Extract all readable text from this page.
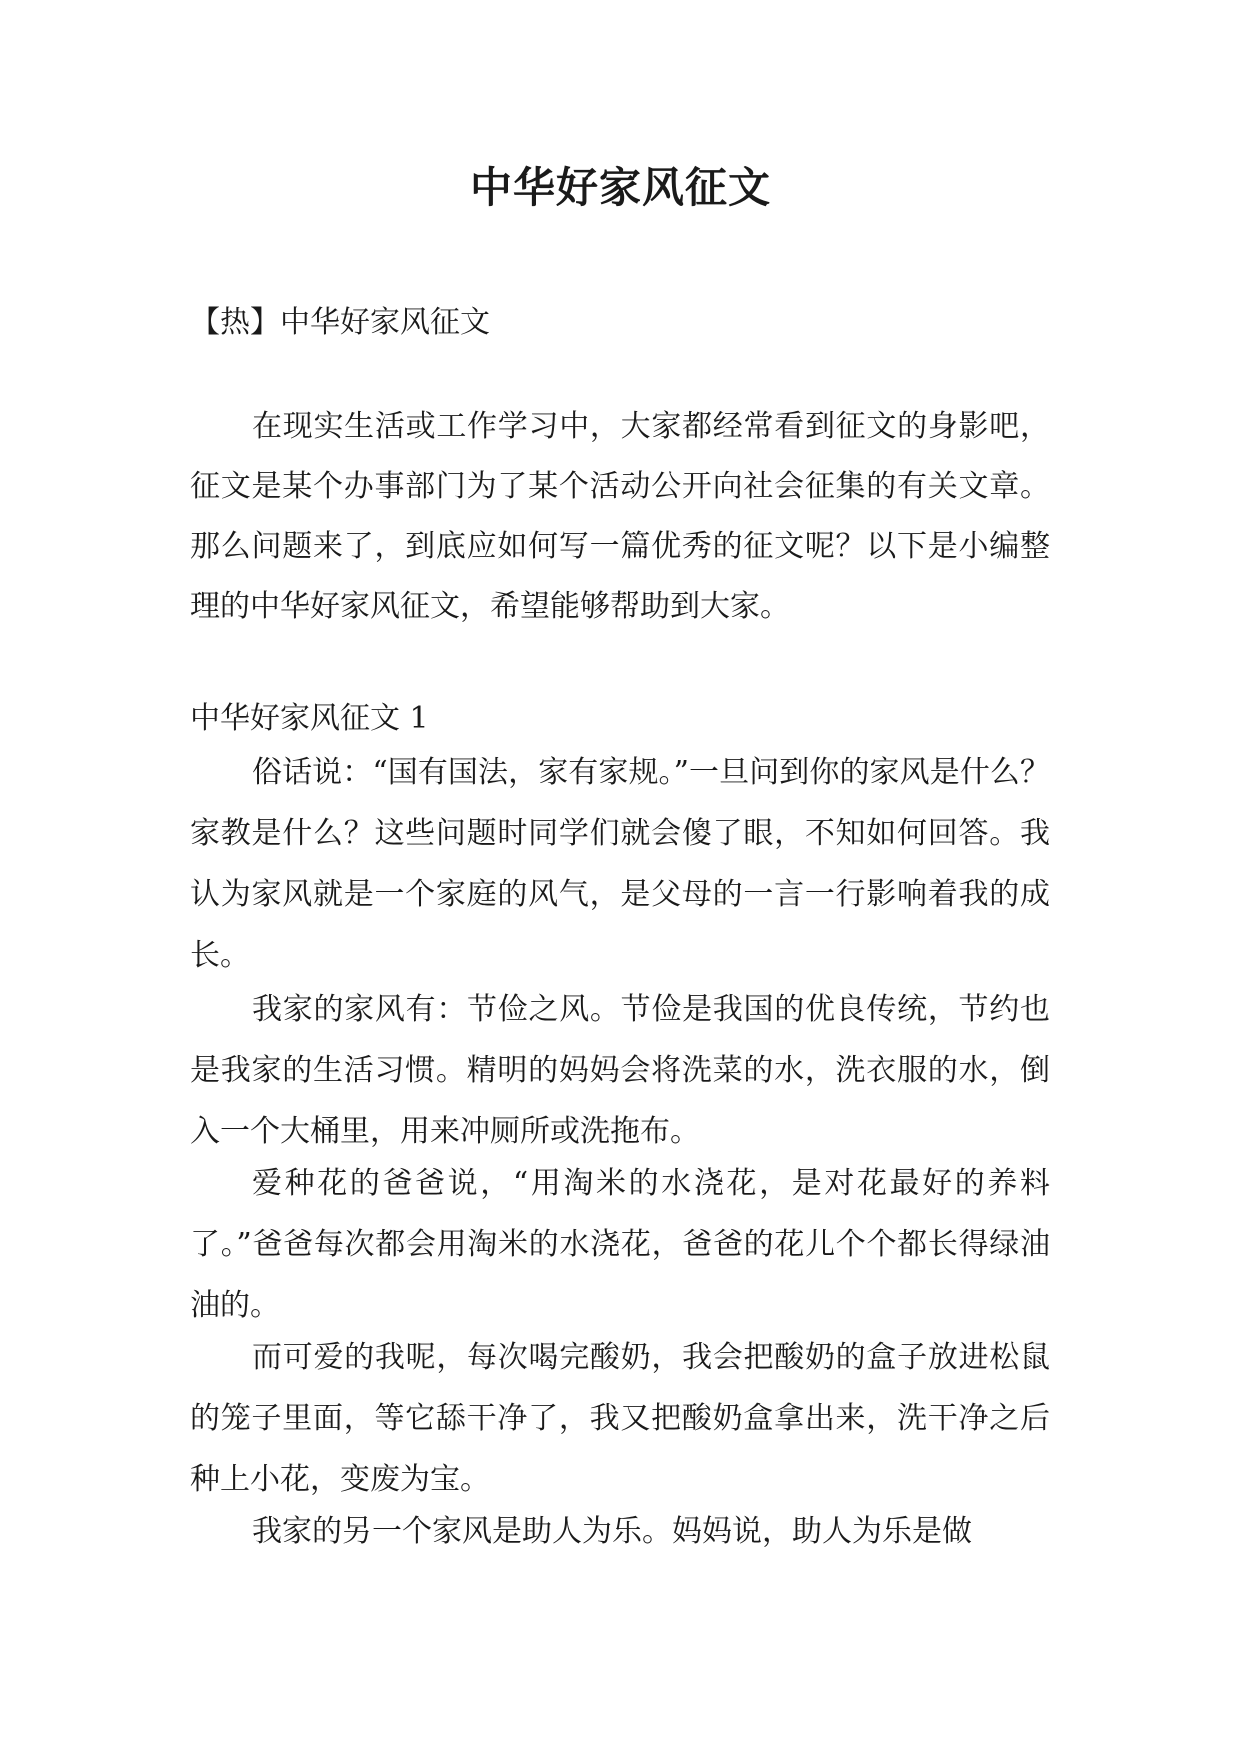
中华好家风征文
【热】中华好家风征文
在现实生活或工作学习中，大家都经常看到征文的身影吧，征文是某个办事部门为了某个活动公开向社会征集的有关文章。那么问题来了，到底应如何写一篇优秀的征文呢？以下是小编整理的中华好家风征文，希望能够帮助到大家。
中华好家风征文 1
俗话说：“国有国法，家有家规。”一旦问到你的家风是什么？家教是什么？这些问题时同学们就会傻了眼，不知如何回答。我认为家风就是一个家庭的风气，是父母的一言一行影响着我的成长。
我家的家风有：节俭之风。节俭是我国的优良传统，节约也是我家的生活习惯。精明的妈妈会将洗菜的水，洗衣服的水，倒入一个大桶里，用来冲厕所或洗拖布。
爱种花的爸爸说，“用淘米的水浇花，是对花最好的养料了。”爸爸每次都会用淘米的水浇花，爸爸的花儿个个都长得绿油油的。
而可爱的我呢，每次喝完酸奶，我会把酸奶的盒子放进松鼠的笼子里面，等它舔干净了，我又把酸奶盒拿出来，洗干净之后种上小花，变废为宝。
我家的另一个家风是助人为乐。妈妈说，助人为乐是做
